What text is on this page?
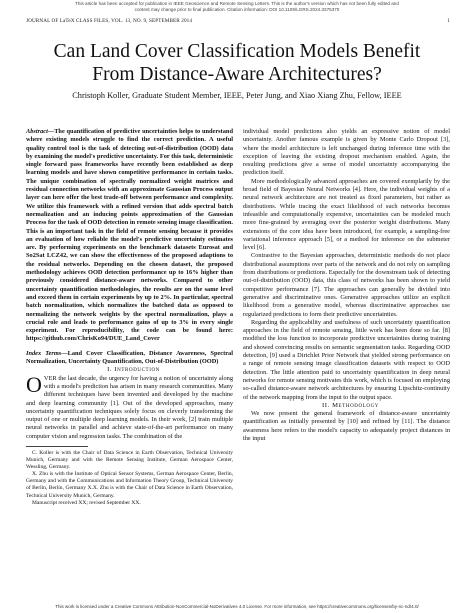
This article has been accepted for publication in IEEE Geoscience and Remote Sensing Letters. This is the author's version which has not been fully edited and
content may change prior to final publication. Citation information: DOI 10.1109/LGRS.2024.3375370
JOURNAL OF LaTeX CLASS FILES, VOL. 13, NO. 9, SEPTEMBER 2014	1
Can Land Cover Classification Models Benefit
From Distance-Aware Architectures?
Christoph Koller, Graduate Student Member, IEEE, Peter Jung, and Xiao Xiang Zhu, Fellow, IEEE

Abstract—The quantification of predictive uncertainties helps to understand where existing models struggle to find the correct prediction. A useful quality control tool is the task of detecting out-of-distribution (OOD) data by examining the model's predictive uncertainty. For this task, deterministic single forward pass frameworks have recently been established as deep learning models and have shown competitive performance in certain tasks. The unique combination of spectrally normalized weight matrices and residual connection networks with an approximate Gaussian Process output layer can here offer the best trade-off between performance and complexity. We utilize this framework with a refined version that adds spectral batch normalization and an inducing points approximation of the Gaussian Process for the task of OOD detection in remote sensing image classification. This is an important task in the field of remote sensing because it provides an evaluation of how reliable the model's predictive uncertainty estimates are. By performing experiments on the benchmark datasets Eurosat and So2Sat LCZ42, we can show the effectiveness of the proposed adaptions to the residual networks. Depending on the chosen dataset, the proposed methodology achieves OOD detection performance up to 16% higher than previously considered distance-aware networks. Compared to other uncertainty quantification methodologies, the results are on the same level and exceed them in certain experiments by up to 2%. In particular, spectral batch normalization, which normalizes the batched data as opposed to normalizing the network weights by the spectral normalization, plays a crucial role and leads to performance gains of up to 3% in every single experiment. For reproducibility, the code can be found here: https://github.com/ChrisKo94/DUE_Land_Cover

Index Terms—Land Cover Classification, Distance Awareness, Spectral Normalization, Uncertainty Quantification, Out-of-Distribution (OOD)

I. Introduction

OVER the last decade, the urgency for having a notion of uncertainty along with a model's prediction has arisen in many research communities. Many different techniques have been invented and developed by the machine and deep learning community [1]. Out of the developed approaches, many uncertainty quantification techniques solely focus on cleverly transforming the output of one or multiple deep learning models. In their work, [2] train multiple neural networks in parallel and achieve state-of-the-art performance on many computer vision and regression tasks. The combination of the

C. Koller is with the Chair of Data Science in Earth Observation, Technical University Munich, Germany and with the Remote Sensing Institute, German Aerospace Center, Wessling, Germany.

X. Zhu is with the Institute of Optical Sensor Systems, German Aerospace Center, Berlin, Germany and with the Communications and Information Theory Group, Technical University of Berlin, Berlin, Germany X.X. Zhu is with the Chair of Data Science in Earth Observation, Technical University Munich, Germany.

Manuscript received XX; revised September XX.

individual model predictions also yields an expressive notion of model uncertainty. Another famous example is given by Monte Carlo Dropout [3], where the model architecture is left unchanged during inference time with the exception of leaving the existing dropout mechanism enabled. Again, the resulting predictions give a sense of model uncertainty accompanying the prediction itself.

More methodologically advanced approaches are covered exemplarily by the broad field of Bayesian Neural Networks [4]. Here, the individual weights of a neural network architecture are not treated as fixed parameters, but rather as distributions. While tracing the exact likelihood of such networks becomes infeasible and computationally expensive, uncertainties can be modeled much more fine-grained by averaging over the posterior weight distributions. Many extensions of the core idea have been introduced, for example, a sampling-free variational inference approach [5], or a method for inference on the submeter level [6].

Contrastive to the Bayesian approaches, deterministic methods do not place distributional assumptions over parts of the network and do not rely on sampling from distributions or predictions. Especially for the downstream task of detecting out-of-distribution (OOD) data, this class of networks has been shown to yield competitive performance [7]. The approaches can generally be divided into generative and discriminative ones. Generative approaches utilize an explicit likelihood from a generative model, whereas discriminative approaches use regularized predictions to form their predictive uncertainties.

Regarding the applicability and usefulness of such uncertainty quantification approaches in the field of remote sensing, little work has been done so far. [8] modified the loss function to incorporate predictive uncertainties during training and showed convincing results on semantic segmentation tasks. Regarding OOD detection, [9] used a Dirichlet Prior Network that yielded strong performance on a range of remote sensing image classification datasets with respect to OOD detection. The little attention paid to uncertainty quantification in deep neural networks for remote sensing motivates this work, which is focused on employing so-called distance-aware network architectures by ensuring Lipschitz-continuity of the network mapping from the input to the output space.

II. Methodology

We now present the general framework of distance-aware uncertainty quantification as initially presented by [10] and refined by [11]. The distance awareness here refers to the model's capacity to adequately project distances in the input

This work is licensed under a Creative Commons Attribution-NonCommercial-NoDerivatives 4.0 License. For more information, see https://creativecommons.org/licenses/by-nc-nd/4.0/
